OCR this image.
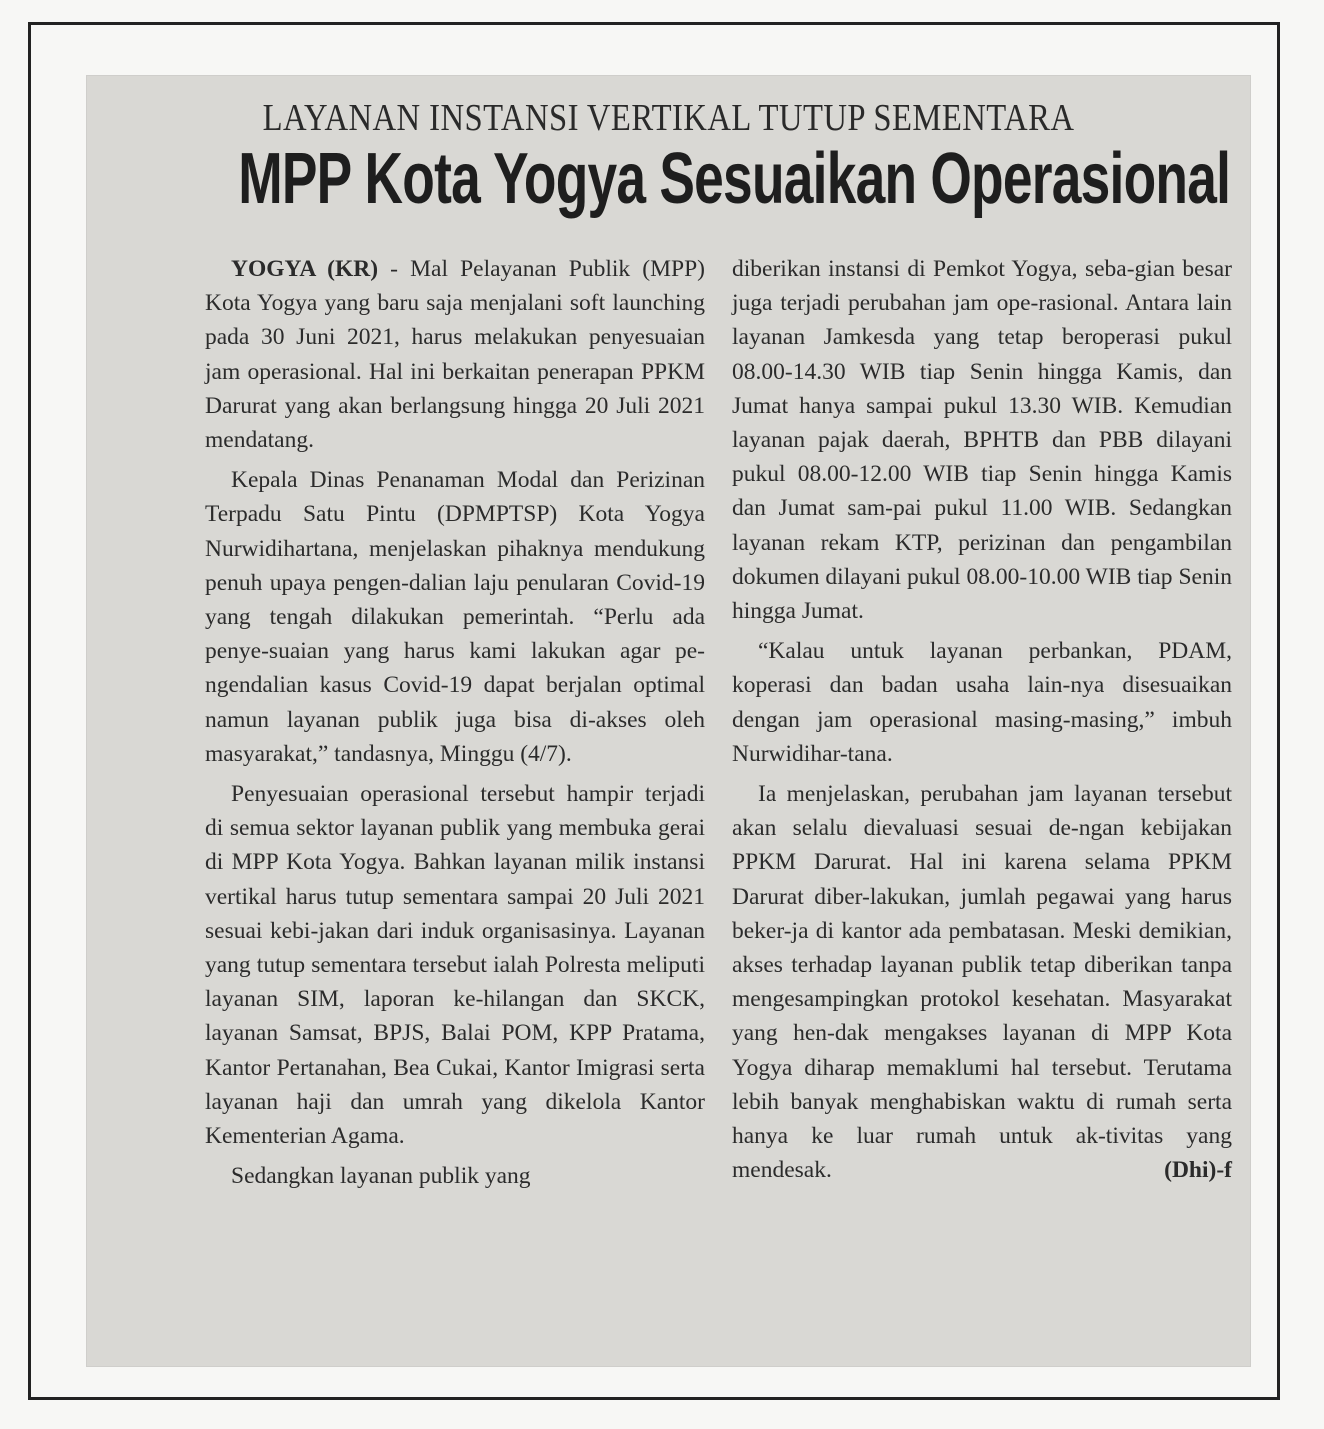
LAYANAN INSTANSI VERTIKAL TUTUP SEMENTARA
MPP Kota Yogya Sesuaikan Operasional

YOGYA (KR) - Mal Pelayanan Publik (MPP) Kota Yogya yang baru saja menjalani soft launching pada 30 Juni 2021, harus melakukan penyesuaian jam operasional. Hal ini berkaitan penerapan PPKM Darurat yang akan berlangsung hingga 20 Juli 2021 mendatang.

Kepala Dinas Penanaman Modal dan Perizinan Terpadu Satu Pintu (DPMPTSP) Kota Yogya Nurwidihartana, menjelaskan pihaknya mendukung penuh upaya pengen-dalian laju penularan Covid-19 yang tengah dilakukan pemerintah. “Perlu ada penye-suaian yang harus kami lakukan agar pe-ngendalian kasus Covid-19 dapat berjalan optimal namun layanan publik juga bisa di-akses oleh masyarakat,” tandasnya, Minggu (4/7).

Penyesuaian operasional tersebut hampir terjadi di semua sektor layanan publik yang membuka gerai di MPP Kota Yogya. Bahkan layanan milik instansi vertikal harus tutup sementara sampai 20 Juli 2021 sesuai kebi-jakan dari induk organisasinya. Layanan yang tutup sementara tersebut ialah Polresta meliputi layanan SIM, laporan ke-hilangan dan SKCK, layanan Samsat, BPJS, Balai POM, KPP Pratama, Kantor Pertanahan, Bea Cukai, Kantor Imigrasi serta layanan haji dan umrah yang dikelola Kantor Kementerian Agama.

Sedangkan layanan publik yang

diberikan instansi di Pemkot Yogya, seba-gian besar juga terjadi perubahan jam ope-rasional. Antara lain layanan Jamkesda yang tetap beroperasi pukul 08.00-14.30 WIB tiap Senin hingga Kamis, dan Jumat hanya sampai pukul 13.30 WIB. Kemudian layanan pajak daerah, BPHTB dan PBB dilayani pukul 08.00-12.00 WIB tiap Senin hingga Kamis dan Jumat sam-pai pukul 11.00 WIB. Sedangkan layanan rekam KTP, perizinan dan pengambilan dokumen dilayani pukul 08.00-10.00 WIB tiap Senin hingga Jumat.

“Kalau untuk layanan perbankan, PDAM, koperasi dan badan usaha lain-nya disesuaikan dengan jam operasional masing-masing,” imbuh Nurwidihar-tana.

Ia menjelaskan, perubahan jam layanan tersebut akan selalu dievaluasi sesuai de-ngan kebijakan PPKM Darurat. Hal ini karena selama PPKM Darurat diber-lakukan, jumlah pegawai yang harus beker-ja di kantor ada pembatasan. Meski demikian, akses terhadap layanan publik tetap diberikan tanpa mengesampingkan protokol kesehatan. Masyarakat yang hen-dak mengakses layanan di MPP Kota Yogya diharap memaklumi hal tersebut. Terutama lebih banyak menghabiskan waktu di rumah serta hanya ke luar rumah untuk ak-tivitas yang mendesak.	(Dhi)-f
